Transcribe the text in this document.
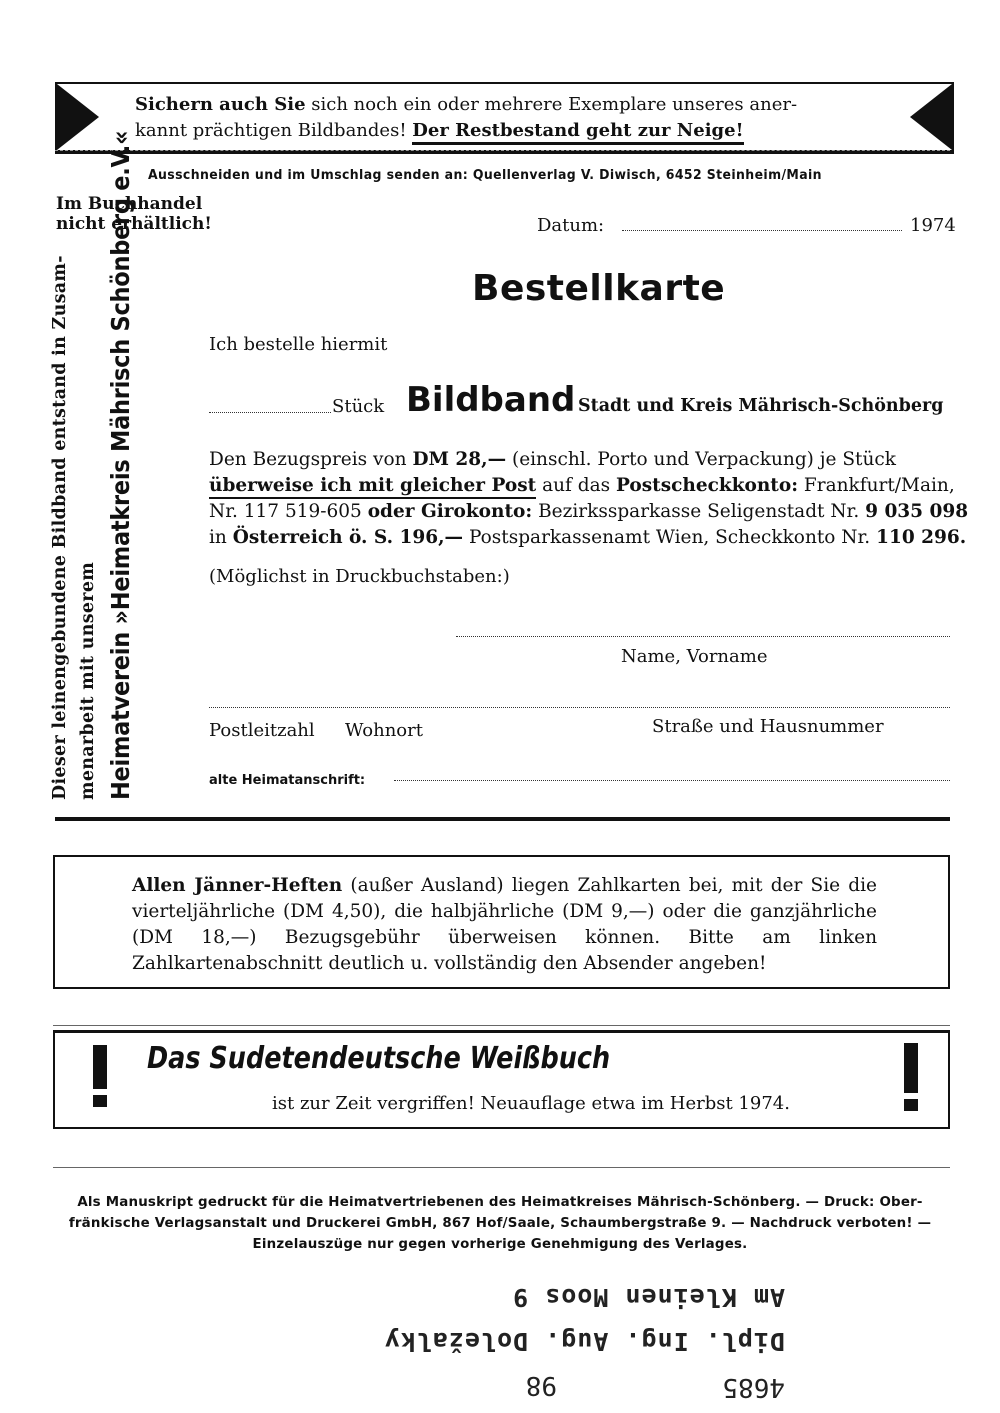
Sichern auch Sie sich noch ein oder mehrere Exemplare unseres aner-
kannt prächtigen Bildbandes! Der Restbestand geht zur Neige!
Ausschneiden und im Umschlag senden an: Quellenverlag V. Diwisch, 6452 Steinheim/Main
Im Buchhandel
nicht erhältlich!	Datum:	1974
Dieser leinengebundene Bildband entstand in Zusam- menarbeit mit unserem Heimatverein »Heimatkreis Mährisch Schönberg e.V.«	Bestellkarte
Ich bestelle hiermit
Stück Bildband Stadt und Kreis Mährisch-Schönberg
Den Bezugspreis von DM 28,— (einschl. Porto und Verpackung) je Stück
überweise ich mit gleicher Post auf das Postscheckkonto: Frankfurt/Main,
Nr. 117 519-605 oder Girokonto: Bezirkssparkasse Seligenstadt Nr. 9 035 098
in Österreich ö. S. 196,— Postsparkassenamt Wien, Scheckkonto Nr. 110 296.
(Möglichst in Druckbuchstaben:)
Name, Vorname
Postleitzahl Wohnort	Straße und Hausnummer
alte Heimatanschrift:
Allen Jänner-Heften (außer Ausland) liegen Zahlkarten bei, mit der Sie die vierteljährliche (DM 4,50), die halbjährliche (DM 9,—) oder die ganzjährliche (DM 18,—) Bezugsgebühr überweisen können. Bitte am linken Zahlkartenabschnitt deutlich u. vollständig den Absender angeben!
Das Sudetendeutsche Weißbuch
ist zur Zeit vergriffen! Neuauflage etwa im Herbst 1974.
Als Manuskript gedruckt für die Heimatvertriebenen des Heimatkreises Mährisch-Schönberg. — Druck: Ober-
fränkische Verlagsanstalt und Druckerei GmbH, 867 Hof/Saale, Schaumbergstraße 9. — Nachdruck verboten! —
Einzelauszüge nur gegen vorherige Genehmigung des Verlages.
4685
98
Dipl. Ing. Aug. Doležalky
Am Kleinen Moos 9
